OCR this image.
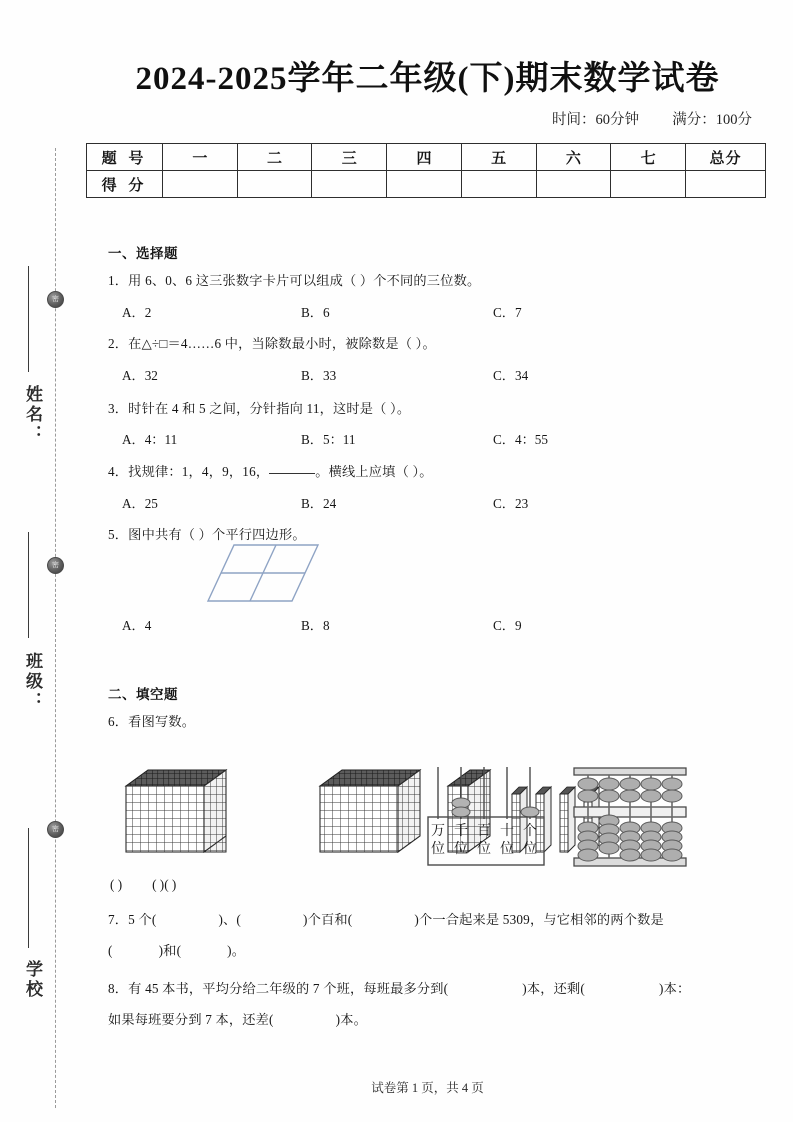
密
密
密
姓名：
班级：
学校
2024-2025学年二年级(下)期末数学试卷
时间：60分钟 满分：100分
题 号	一	二	三	四	五	六	七	总分
得 分								
一、选择题
1．用 6、0、6 这三张数字卡片可以组成（ ）个不同的三位数。
A．2	B．6	C．7
2．在△÷□＝4……6 中，当除数最小时，被除数是（ ）。
A．32	B．33	C．34
3．时针在 4 和 5 之间，分针指向 11，这时是（ ）。
A．4：11	B．5：11	C．4：55
4．找规律：1，4，9，16，	。横线上应填（ ）。
A．25	B．24	C．23
5．图中共有（ ）个平行四边形。
A．4	B．8	C．9
二、填空题
6．看图写数。
万
位
千
位
百
位
十
位
个
位
( ) ( )( )
7．5 个(	)、(	)个百和(	)个一合起来是 5309，与它相邻的两个数是
(	)和(	)。
8．有 45 本书，平均分给二年级的 7 个班，每班最多分到(	)本，还剩(	)本：
如果每班要分到 7 本，还差(	)本。
试卷第 1 页，共 4 页
